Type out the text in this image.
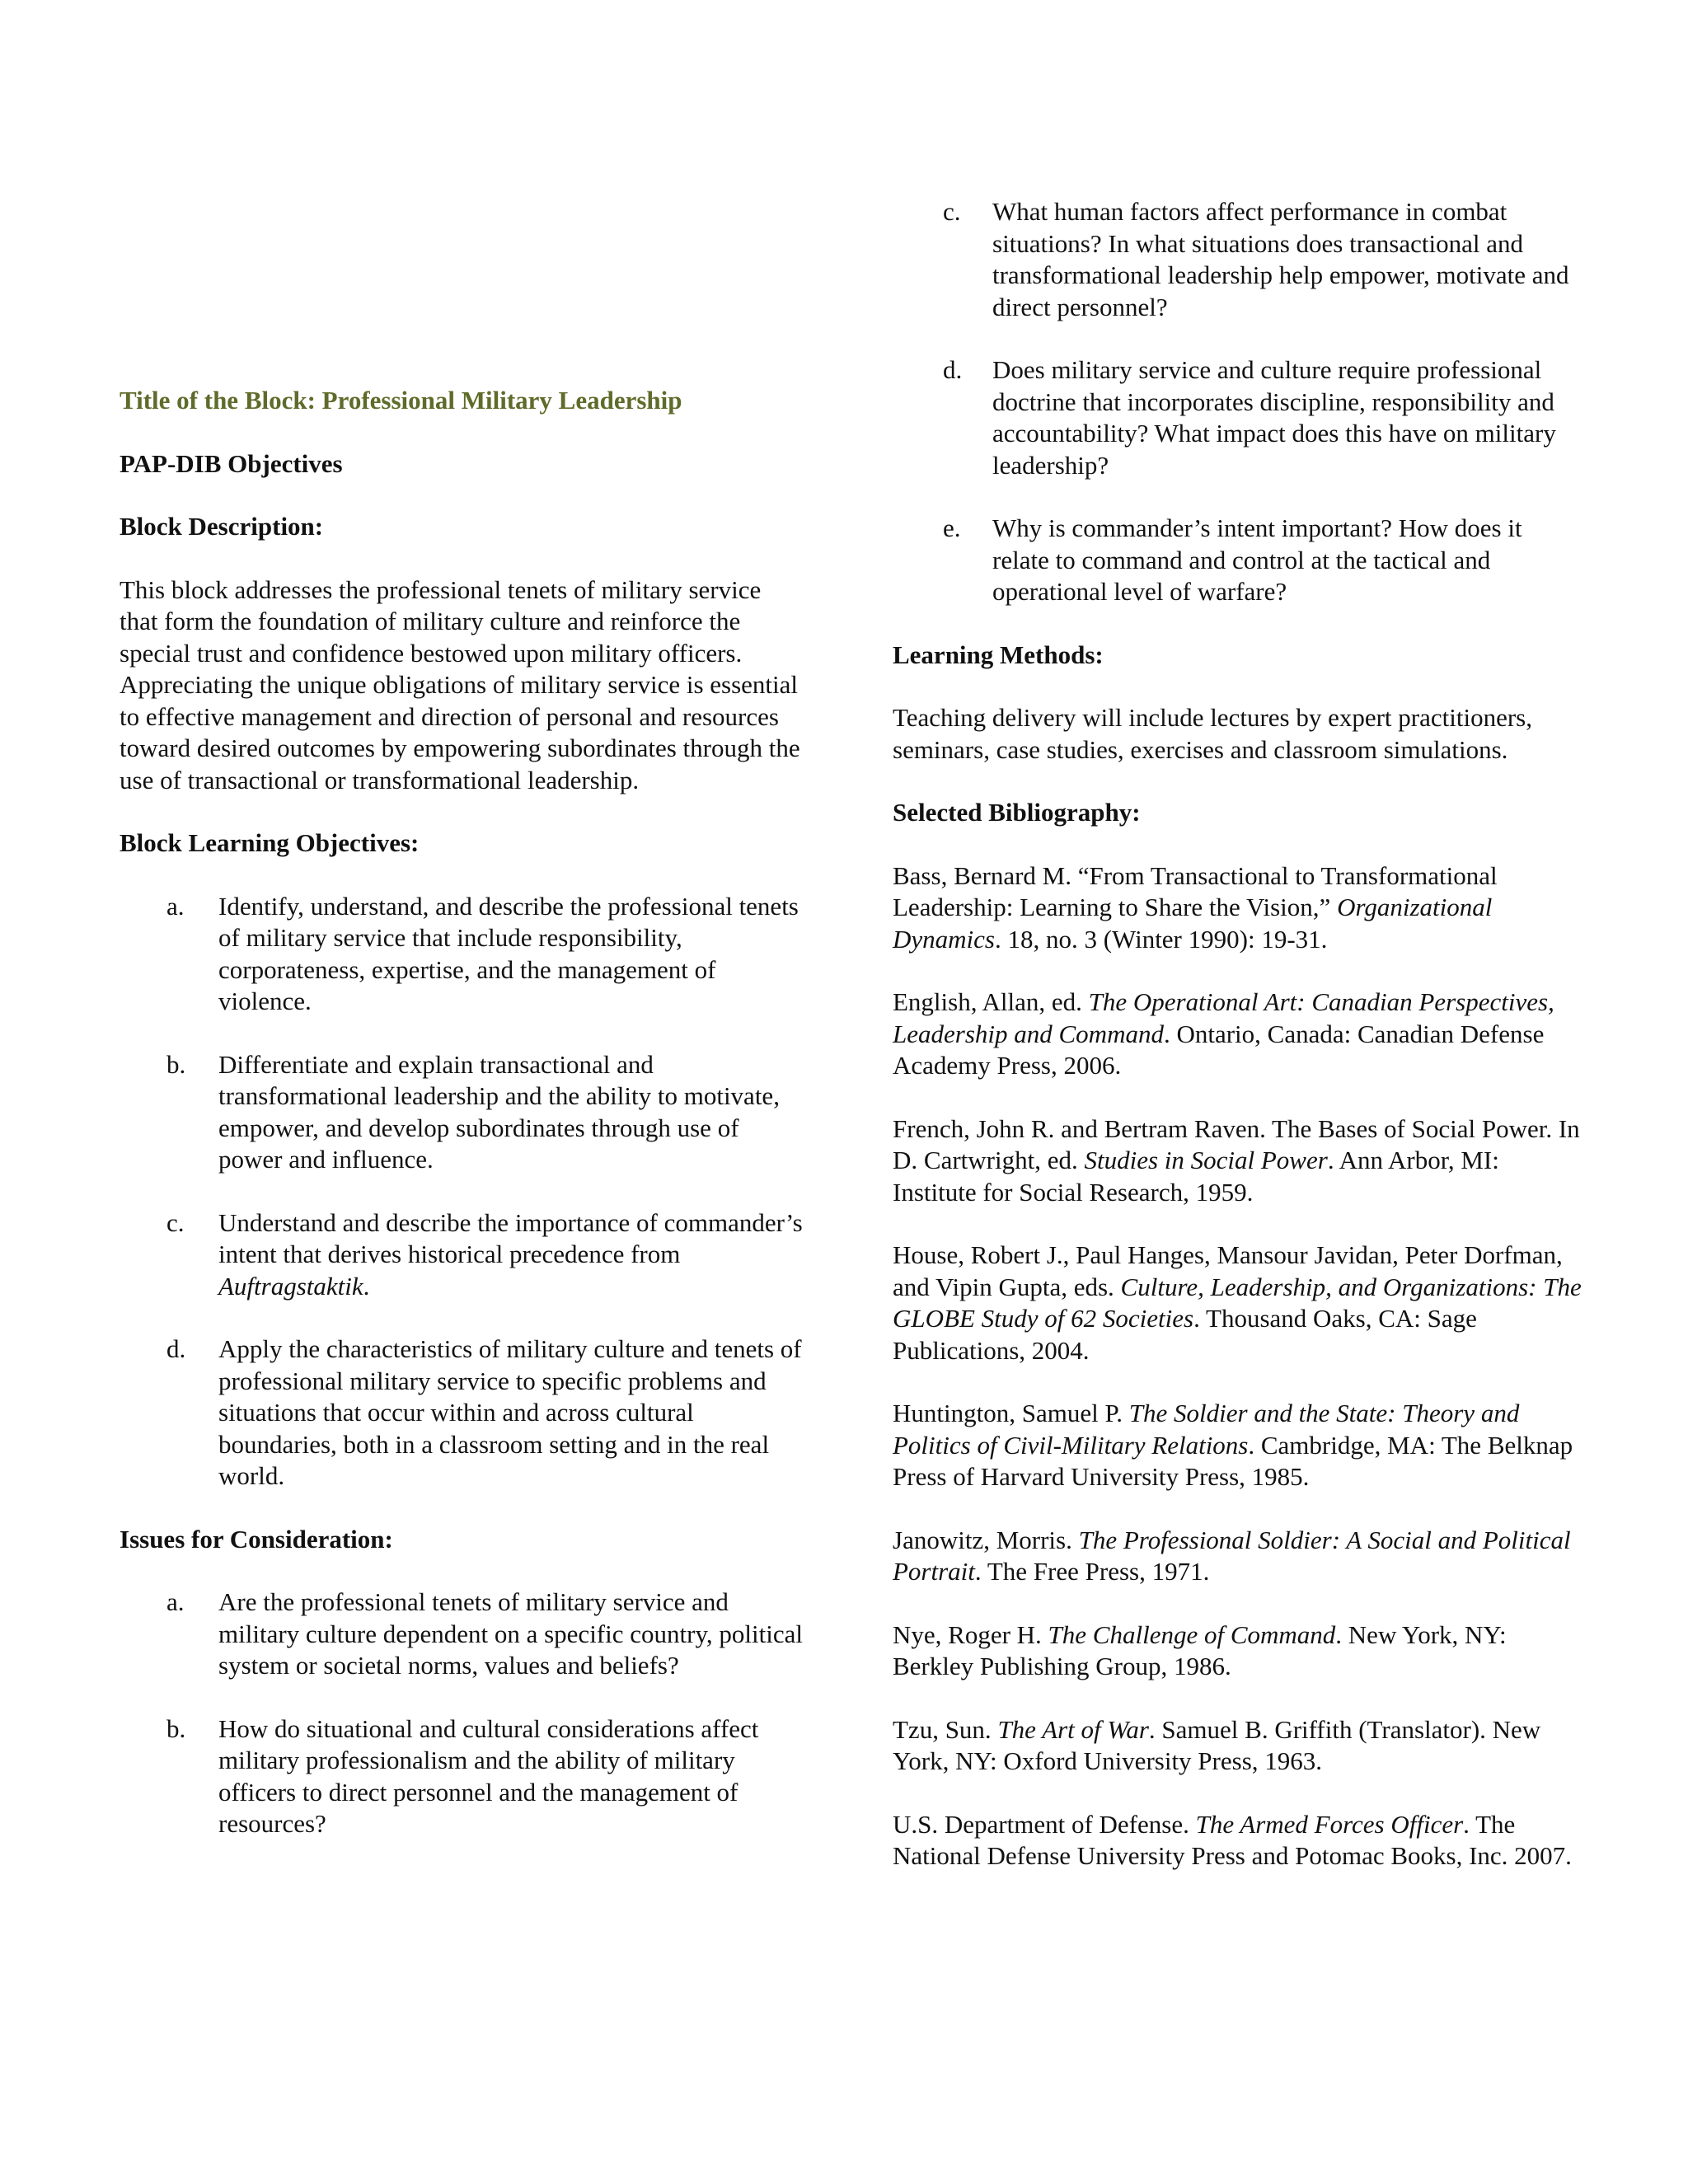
Title of the Block: Professional Military Leadership

PAP-DIB Objectives

Block Description:

This block addresses the professional tenets of military service that form the foundation of military culture and reinforce the special trust and confidence bestowed upon military officers. Appreciating the unique obligations of military service is essential to effective management and direction of personal and resources toward desired outcomes by empowering subordinates through the use of transactional or transformational leadership.

Block Learning Objectives:

a.	Identify, understand, and describe the professional tenets of military service that include responsibility, corporateness, expertise, and the management of violence.
b.	Differentiate and explain transactional and transformational leadership and the ability to motivate, empower, and develop subordinates through use of power and influence.
c.	Understand and describe the importance of commander’s intent that derives historical precedence from Auftragstaktik.
d.	Apply the characteristics of military culture and tenets of professional military service to specific problems and situations that occur within and across cultural boundaries, both in a classroom setting and in the real world.

Issues for Consideration:

a.	Are the professional tenets of military service and military culture dependent on a specific country, political system or societal norms, values and beliefs?
b.	How do situational and cultural considerations affect military professionalism and the ability of military officers to direct personnel and the management of resources?
c.	What human factors affect performance in combat situations? In what situations does transactional and transformational leadership help empower, motivate and direct personnel?
d.	Does military service and culture require professional doctrine that incorporates discipline, responsibility and accountability? What impact does this have on military leadership?
e.	Why is commander’s intent important? How does it relate to command and control at the tactical and operational level of warfare?

Learning Methods:

Teaching delivery will include lectures by expert practitioners, seminars, case studies, exercises and classroom simulations.

Selected Bibliography:

Bass, Bernard M. “From Transactional to Transformational Leadership: Learning to Share the Vision,” Organizational Dynamics. 18, no. 3 (Winter 1990): 19-31.

English, Allan, ed. The Operational Art: Canadian Perspectives, Leadership and Command. Ontario, Canada: Canadian Defense Academy Press, 2006.

French, John R. and Bertram Raven. The Bases of Social Power. In D. Cartwright, ed. Studies in Social Power. Ann Arbor, MI: Institute for Social Research, 1959.

House, Robert J., Paul Hanges, Mansour Javidan, Peter Dorfman, and Vipin Gupta, eds. Culture, Leadership, and Organizations: The GLOBE Study of 62 Societies. Thousand Oaks, CA: Sage Publications, 2004.

Huntington, Samuel P. The Soldier and the State: Theory and Politics of Civil-Military Relations. Cambridge, MA: The Belknap Press of Harvard University Press, 1985.

Janowitz, Morris. The Professional Soldier: A Social and Political Portrait. The Free Press, 1971.

Nye, Roger H. The Challenge of Command. New York, NY: Berkley Publishing Group, 1986.

Tzu, Sun. The Art of War. Samuel B. Griffith (Translator). New York, NY: Oxford University Press, 1963.

U.S. Department of Defense. The Armed Forces Officer. The National Defense University Press and Potomac Books, Inc. 2007.
